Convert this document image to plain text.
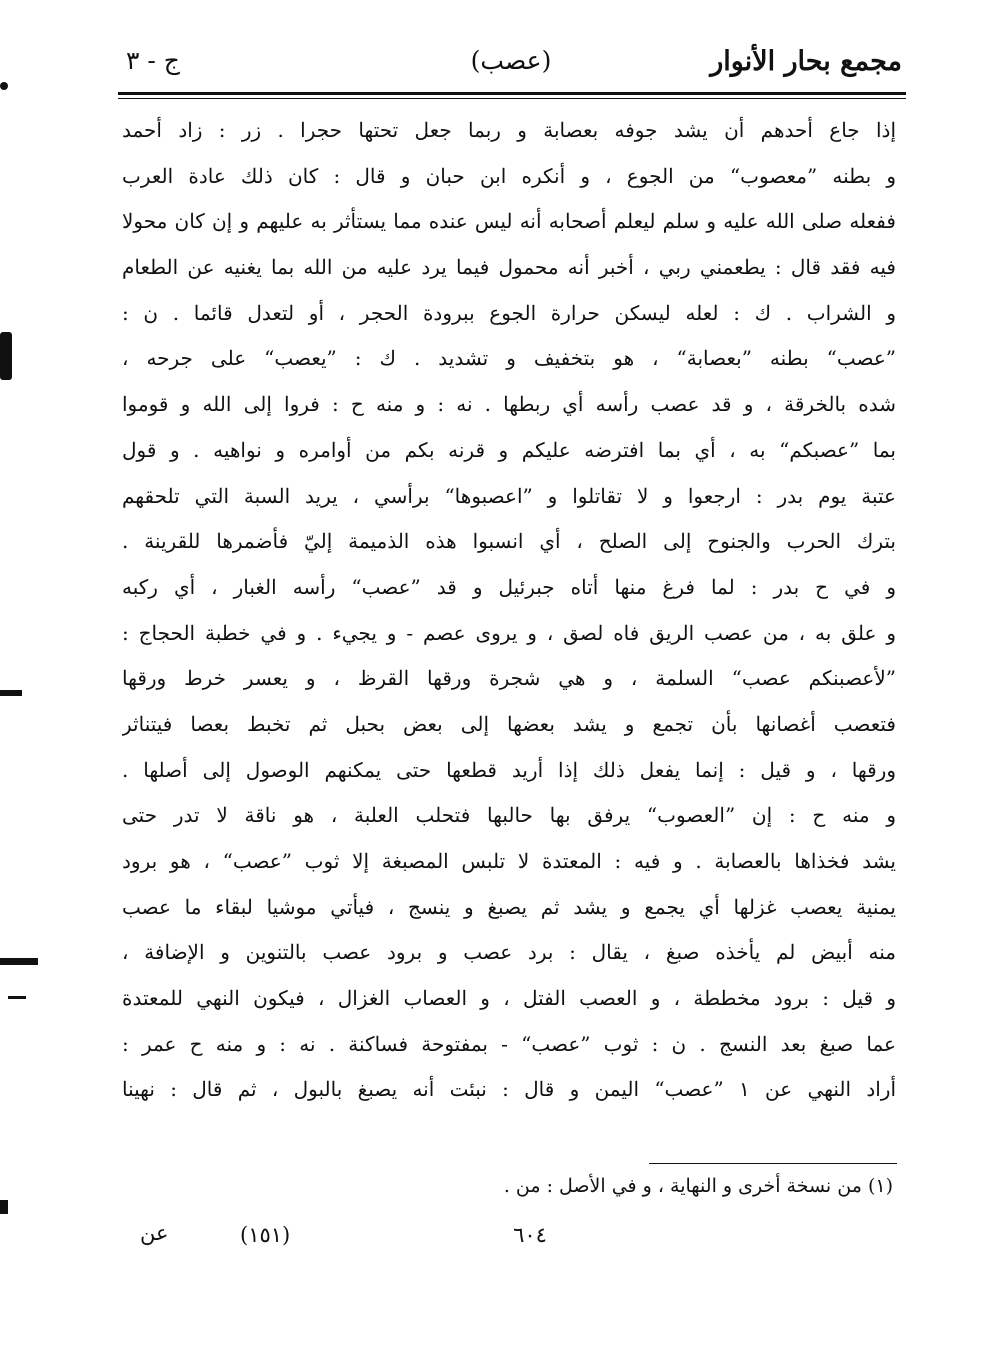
مجمع بحار الأنوار
(عصب)
ج - ٣
إذا جاع أحدهم أن يشد جوفه بعصابة و ربما جعل تحتها حجرا . زر : زاد أحمد
و بطنه ”معصوب“ من الجوع ، و أنكره ابن حبان و قال : كان ذلك عادة العرب
ففعله صلى الله عليه و سلم ليعلم أصحابه أنه ليس عنده مما يستأثر به عليهم و إن كان محولا
فيه فقد قال : يطعمني ربي ، أخبر أنه محمول فيما يرد عليه من الله بما يغنيه عن الطعام
و الشراب . ك : لعله ليسكن حرارة الجوع ببرودة الحجر ، أو لتعدل قائما . ن :
”عصب“ بطنه ”بعصابة“ ، هو بتخفيف و تشديد . ك : ”يعصب“ على جرحه ،
شده بالخرقة ، و قد عصب رأسه أي ربطها . نه : و منه ح : فروا إلى الله و قوموا
بما ”عصبكم“ به ، أي بما افترضه عليكم و قرنه بكم من أوامره و نواهيه . و قول
عتبة يوم بدر : ارجعوا و لا تقاتلوا و ”اعصبوها“ برأسي ، يريد السبة التي تلحقهم
بترك الحرب والجنوح إلى الصلح ، أي انسبوا هذه الذميمة إليّ فأضمرها للقرينة .
و في ح بدر : لما فرغ منها أتاه جبرئيل و قد ”عصب“ رأسه الغبار ، أي ركبه
و علق به ، من عصب الريق فاه لصق ، و يروى عصم - و يجيء . و في خطبة الحجاج :
”لأعصبنكم عصب“ السلمة ، و هي شجرة ورقها القرظ ، و يعسر خرط ورقها
فتعصب أغصانها بأن تجمع و يشد بعضها إلى بعض بحبل ثم تخبط بعصا فيتناثر
ورقها ، و قيل : إنما يفعل ذلك إذا أريد قطعها حتى يمكنهم الوصول إلى أصلها .
و منه ح : إن ”العصوب“ يرفق بها حالبها فتحلب العلبة ، هو ناقة لا تدر حتى
يشد فخذاها بالعصابة . و فيه : المعتدة لا تلبس المصبغة إلا ثوب ”عصب“ ، هو برود
يمنية يعصب غزلها أي يجمع و يشد ثم يصبغ و ينسج ، فيأتي موشيا لبقاء ما عصب
منه أبيض لم يأخذه صبغ ، يقال : برد عصب و برود عصب بالتنوين و الإضافة ،
و قيل : برود مخططة ، و العصب الفتل ، و العصاب الغزال ، فيكون النهي للمعتدة
عما صبغ بعد النسج . ن : ثوب ”عصب“ - بمفتوحة فساكنة . نه : و منه ح عمر :
أراد النهي عن ١ ”عصب“ اليمن و قال : نبئت أنه يصبغ بالبول ، ثم قال : نهينا
(١) من نسخة أخرى و النهاية ، و في الأصل : من .
٦٠٤
(١٥١)
عن
